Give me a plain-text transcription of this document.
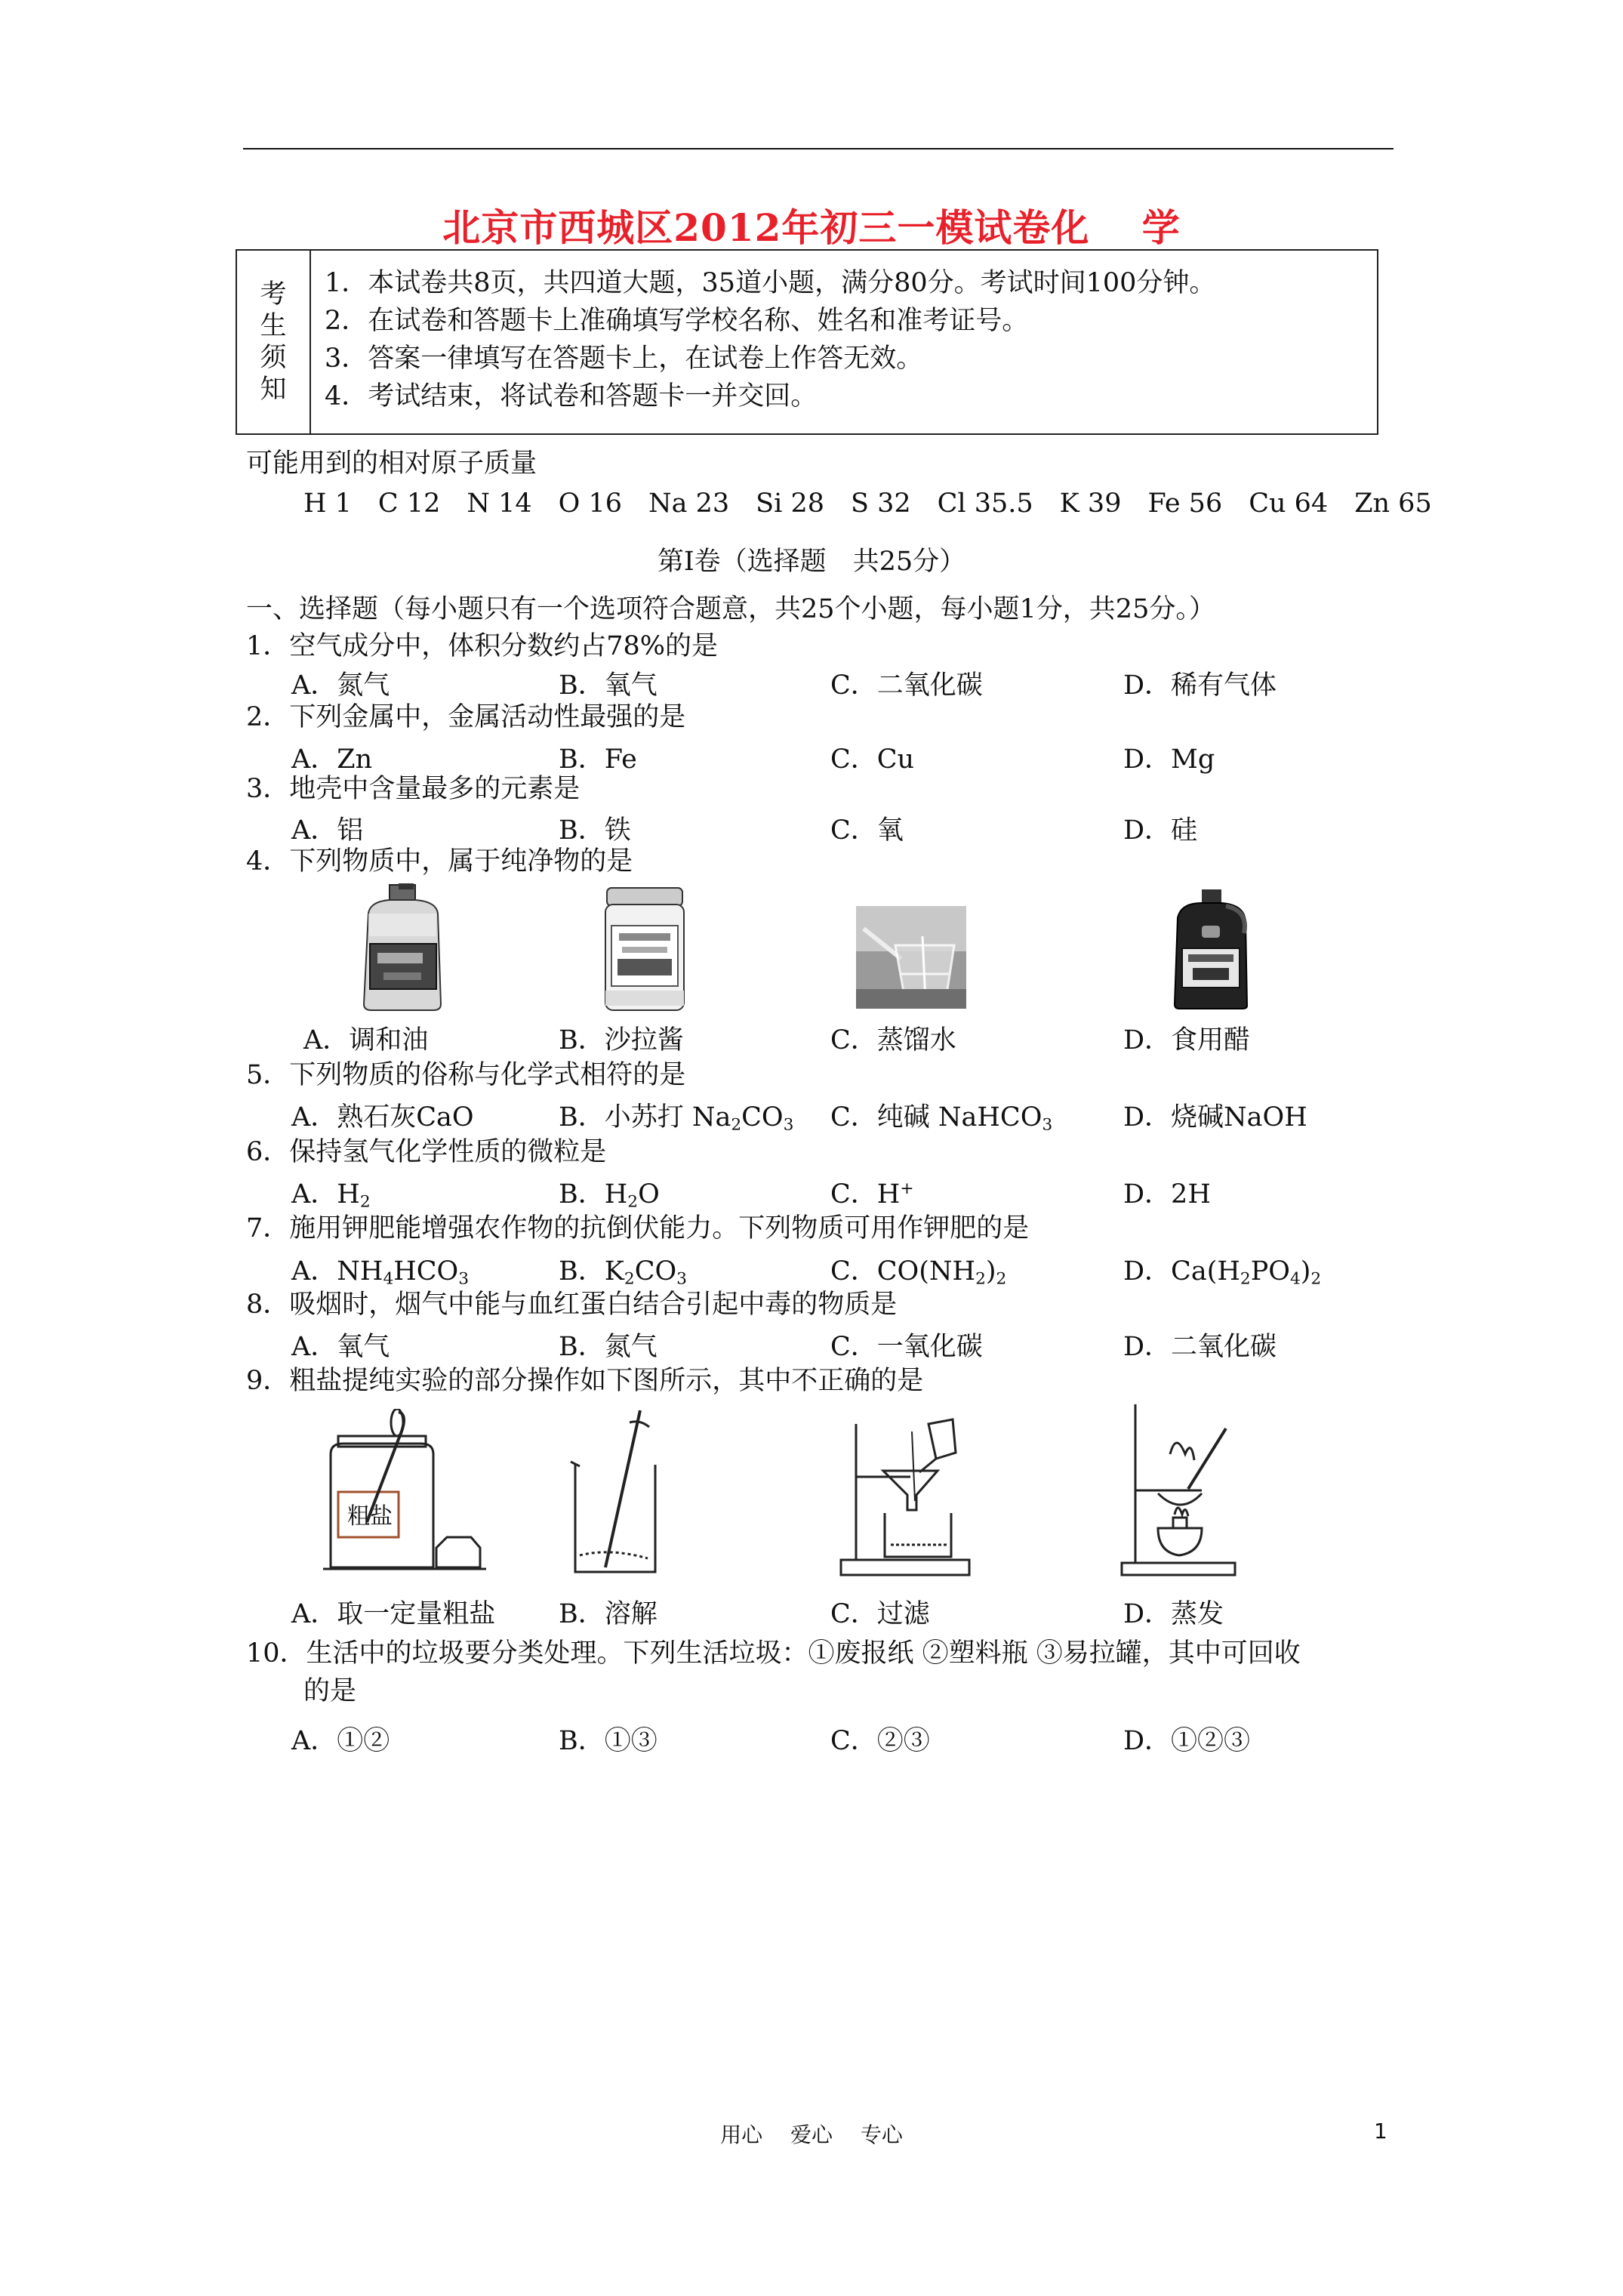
北京市西城区2012年初三一模试卷化　 学
考
生
须
知
1．本试卷共8页，共四道大题，35道小题，满分80分。考试时间100分钟。
2．在试卷和答题卡上准确填写学校名称、姓名和准考证号。
3．答案一律填写在答题卡上，在试卷上作答无效。
4．考试结束，将试卷和答题卡一并交回。
可能用到的相对原子质量
H 1　C 12　N 14　O 16　Na 23　Si 28　S 32　Cl 35.5　K 39　Fe 56　Cu 64　Zn 65
第Ⅰ卷（选择题　共25分）
一、选择题（每小题只有一个选项符合题意，共25个小题，每小题1分，共25分。）
1．空气成分中，体积分数约占78%的是
A．氮气	B．氧气	C．二氧化碳	D．稀有气体
2．下列金属中，金属活动性最强的是
A．Zn	B．Fe	C．Cu	D．Mg
3．地壳中含量最多的元素是
A．铝	B．铁	C．氧	D．硅
4．下列物质中，属于纯净物的是
A．调和油	B．沙拉酱	C．蒸馏水	D．食用醋
5．下列物质的俗称与化学式相符的是
A．熟石灰CaO	B．小苏打 $Na_2CO_3$ C．纯碱 NaHCO$_3$	D．烧碱NaOH
6．保持氢气化学性质的微粒是
A．$H_2$	B．$H_2O$	C．H+	D．2H
7．施用钾肥能增强农作物的抗倒伏能力。下列物质可用作钾肥的是
A．$NH_4HCO_3$	B．$K_2CO_3$	C．$CO(NH_2)_2$	D．$Ca(H_2PO_4)_2$
8．吸烟时，烟气中能与血红蛋白结合引起中毒的物质是
A．氧气	B．氮气	C．一氧化碳	D．二氧化碳
9．粗盐提纯实验的部分操作如下图所示，其中不正确的是
粗盐
A．取一定量粗盐 B．溶解	C．过滤	D．蒸发
10．生活中的垃圾要分类处理。下列生活垃圾：①废报纸 ②塑料瓶 ③易拉罐，其中可回收
的是
A．①②	B．①③	C．②③	D．①②③
用心　 爱心　 专心	1
